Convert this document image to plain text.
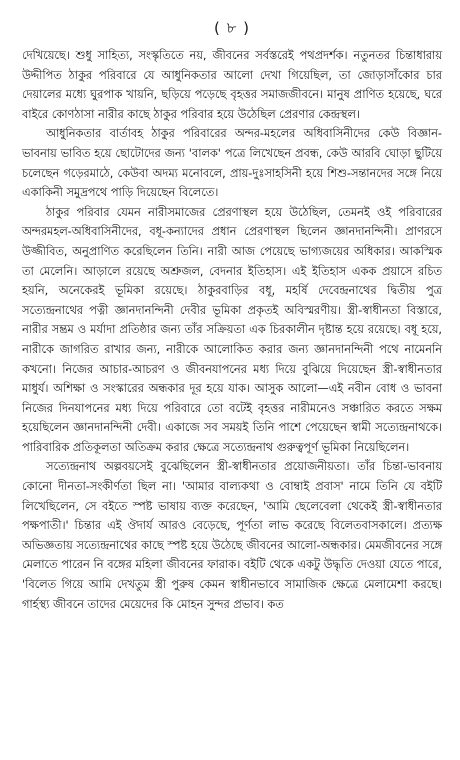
( ৮ )

দেখিয়েছে। শুধু সাহিত্য, সংস্কৃতিতে নয়, জীবনের সর্বস্তরেই পথপ্রদর্শক। নতুনতর চিন্তাধারায় উদ্দীপিত ঠাকুর পরিবারে যে আধুনিকতার আলো দেখা গিয়েছিল, তা জোড়াসাঁকোর চার দেয়ালের মধ্যে ঘুরপাক খায়নি, ছড়িয়ে পড়েছে বৃহত্তর সমাজজীবনে। মানুষ প্রাণিত হয়েছে, ঘরে বাইরে কোণঠাসা নারীর কাছে ঠাকুর পরিবার হয়ে উঠেছিল প্রেরণার কেন্দ্রস্থল।

আধুনিকতার বার্তাবহ ঠাকুর পরিবারের অন্দর-মহলের অধিবাসিনীদের কেউ বিজ্ঞান-ভাবনায় ভাবিত হয়ে ছোটোদের জন্য 'বালক' পত্রে লিখেছেন প্রবন্ধ, কেউ আরবি ঘোড়া ছুটিয়ে চলেছেন গড়েরমাঠে, কেউবা অদম্য মনোবলে, প্রায়-দুঃসাহসিনী হয়ে শিশু-সন্তানদের সঙ্গে নিয়ে একাকিনী সমুদ্রপথে পাড়ি দিয়েছেন বিলেতে।

ঠাকুর পরিবার যেমন নারীসমাজের প্রেরণাস্থল হয়ে উঠেছিল, তেমনই ওই পরিবারের অন্দরমহল-অধিবাসিনীদের, বধূ-কন্যাদের প্রধান প্রেরণাস্থল ছিলেন জ্ঞানদানন্দিনী। প্রাণরসে উজ্জীবিত, অনুপ্রাণিত করেছিলেন তিনি। নারী আজ পেয়েছে ভাগ্যজয়ের অধিকার। আকস্মিক তা মেলেনি। আড়ালে রয়েছে অশ্রুজল, বেদনার ইতিহাস। এই ইতিহাস একক প্রয়াসে রচিত হয়নি, অনেকেরই ভূমিকা রয়েছে। ঠাকুরবাড়ির বধূ, মহর্ষি দেবেন্দ্রনাথের দ্বিতীয় পুত্র সত্যেন্দ্রনাথের পত্নী জ্ঞানদানন্দিনী দেবীর ভূমিকা প্রকৃতই অবিস্মরণীয়। স্ত্রী-স্বাধীনতা বিস্তারে, নারীর সম্ভ্রম ও মর্যাদা প্রতিষ্ঠার জন্য তাঁর সক্রিয়তা এক চিরকালীন দৃষ্টান্ত হয়ে রয়েছে। বধূ হয়ে, নারীকে জাগরিত রাখার জন্য, নারীকে আলোকিত করার জন্য জ্ঞানদানন্দিনী পথে নামেননি কখনো। নিজের আচার-আচরণ ও জীবনযাপনের মধ্য দিয়ে বুঝিয়ে দিয়েছেন স্ত্রী-স্বাধীনতার মাধুর্য। অশিক্ষা ও সংস্কারের অন্ধকার দূর হয়ে যাক। আসুক আলো—এই নবীন বোধ ও ভাবনা নিজের দিনযাপনের মধ্য দিয়ে পরিবারে তো বটেই বৃহত্তর নারীমনেও সঞ্চারিত করতে সক্ষম হয়েছিলেন জ্ঞানদানন্দিনী দেবী। একাজে সব সময়ই তিনি পাশে পেয়েছেন স্বামী সত্যেন্দ্রনাথকে। পারিবারিক প্রতিকূলতা অতিক্রম করার ক্ষেত্রে সত্যেন্দ্রনাথ গুরুত্বপূর্ণ ভূমিকা নিয়েছিলেন।

সত্যেন্দ্রনাথ অল্পবয়সেই বুঝেছিলেন স্ত্রী-স্বাধীনতার প্রয়োজনীয়তা। তাঁর চিন্তা-ভাবনায় কোনো দীনতা-সংকীর্ণতা ছিল না। 'আমার বাল্যকথা ও বোম্বাই প্রবাস' নামে তিনি যে বইটি লিখেছিলেন, সে বইতে স্পষ্ট ভাষায় ব্যক্ত করেছেন, 'আমি ছেলেবেলা থেকেই স্ত্রী-স্বাধীনতার পক্ষপাতী।' চিন্তার এই ঔদার্য আরও বেড়েছে, পূর্ণতা লাভ করেছে বিলেতবাসকালে। প্রত্যক্ষ অভিজ্ঞতায় সত্যেন্দ্রনাথের কাছে স্পষ্ট হয়ে উঠেছে জীবনের আলো-অন্ধকার। মেমজীবনের সঙ্গে মেলাতে পারেন নি বঙ্গের মহিলা জীবনের ফারাক। বইটি থেকে একটু উদ্ধৃতি দেওয়া যেতে পারে, 'বিলেত গিয়ে আমি দেখতুম স্ত্রী পুরুষ কেমন স্বাধীনভাবে সামাজিক ক্ষেত্রে মেলামেশা করছে। গার্হস্থ্য জীবনে তাদের মেয়েদের কি মোহন সুন্দর প্রভাব। কত
